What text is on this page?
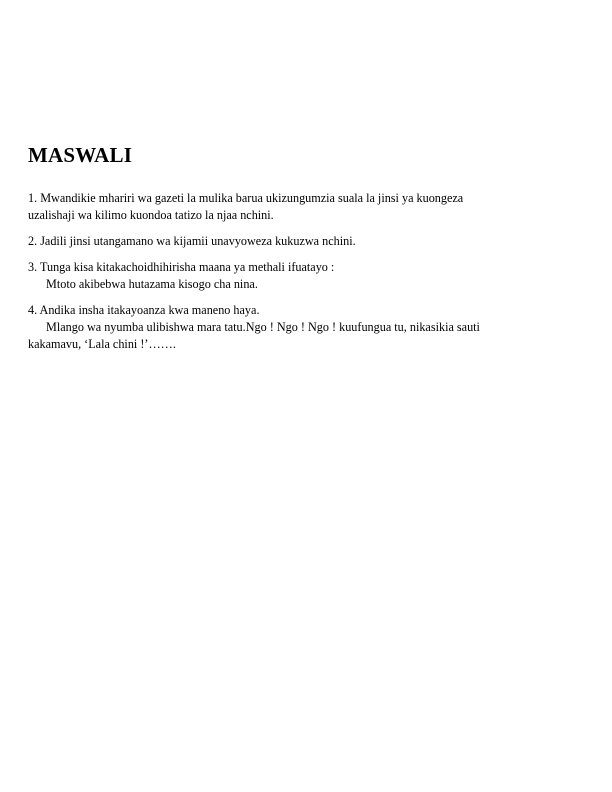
MASWALI
1. Mwandikie mhariri wa gazeti la mulika barua ukizungumzia suala la jinsi ya kuongeza
uzalishaji wa kilimo kuondoa tatizo la njaa nchini.
2. Jadili jinsi utangamano wa kijamii unavyoweza kukuzwa nchini.
3. Tunga kisa kitakachoidhihirisha maana ya methali ifuatayo :
Mtoto akibebwa hutazama kisogo cha nina.
4. Andika insha itakayoanza kwa maneno haya.
Mlango wa nyumba ulibishwa mara tatu.Ngo ! Ngo ! Ngo ! kuufungua tu, nikasikia sauti
kakamavu, ‘Lala chini !’…….
